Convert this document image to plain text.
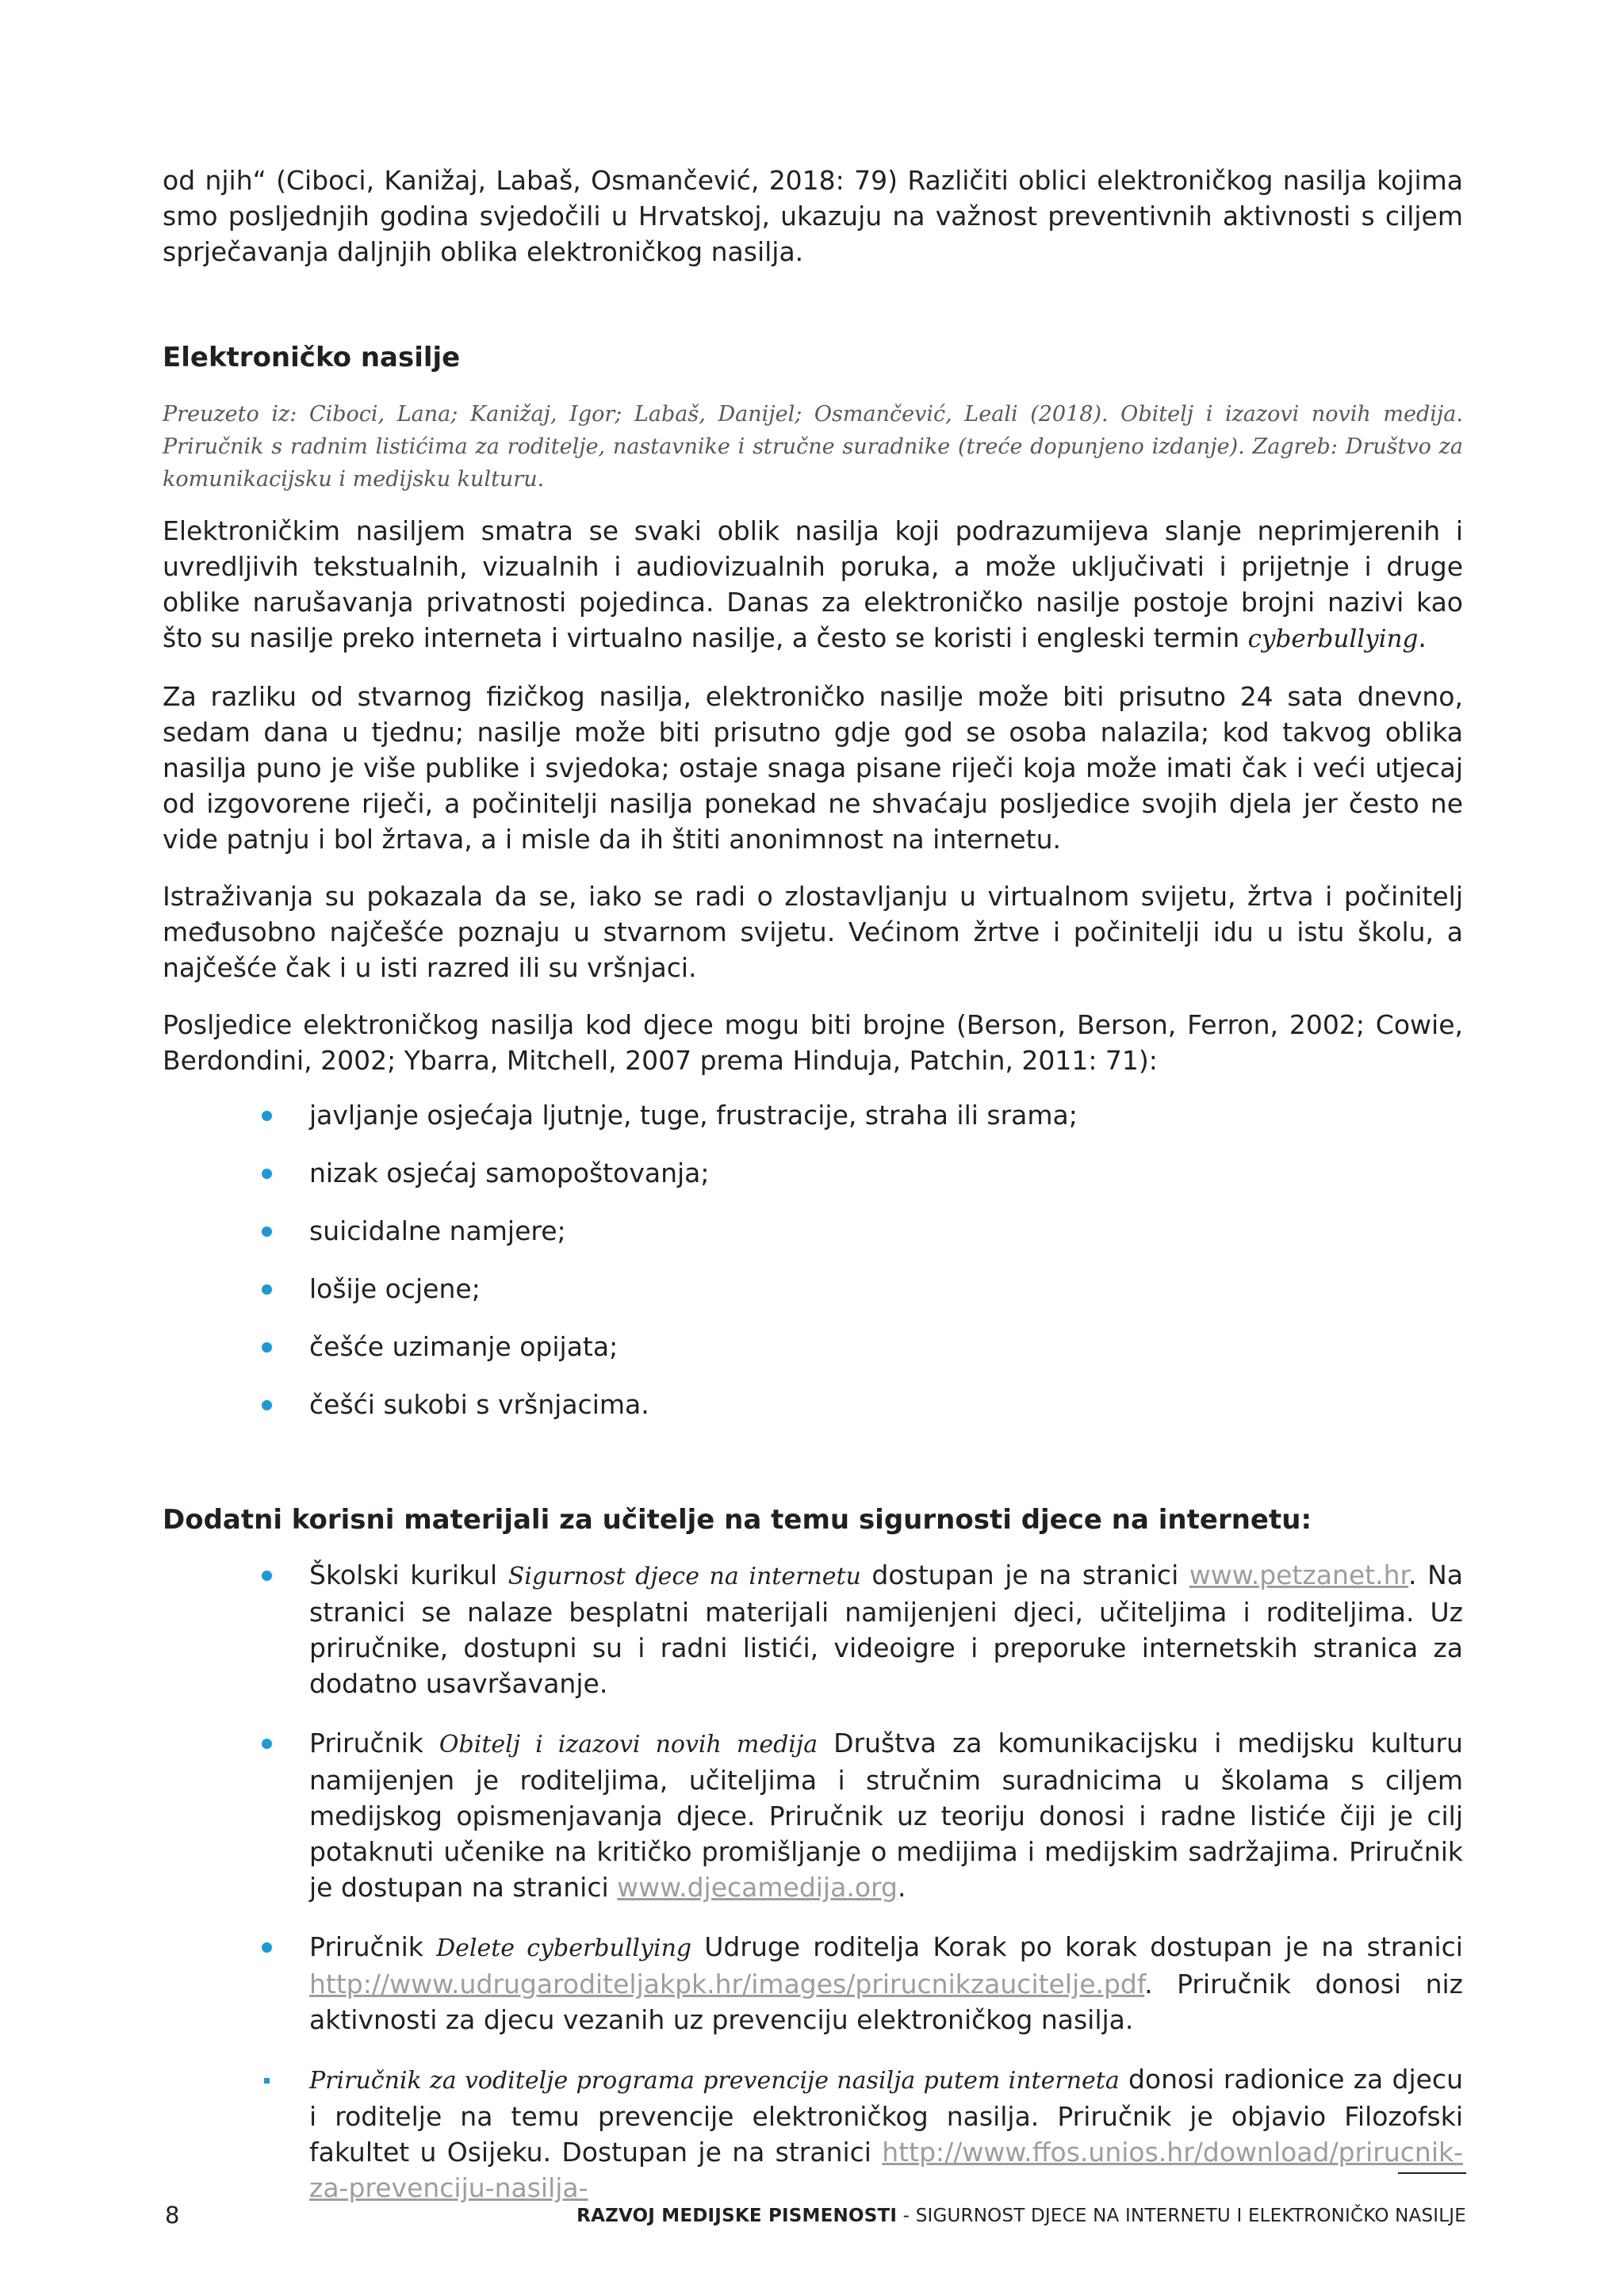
od njih“ (Ciboci, Kanižaj, Labaš, Osmančević, 2018: 79) Različiti oblici elektroničkog nasilja kojima smo posljednjih godina svjedočili u Hrvatskoj, ukazuju na važnost preventivnih aktivnosti s ciljem sprječavanja daljnjih oblika elektroničkog nasilja.

Elektroničko nasilje

Preuzeto iz: Ciboci, Lana; Kanižaj, Igor; Labaš, Danijel; Osmančević, Leali (2018). Obitelj i izazovi novih medija. Priručnik s radnim listićima za roditelje, nastavnike i stručne suradnike (treće dopunjeno izdanje). Zagreb: Društvo za komunikacijsku i medijsku kulturu.

Elektroničkim nasiljem smatra se svaki oblik nasilja koji podrazumijeva slanje neprimjerenih i uvredljivih tekstualnih, vizualnih i audiovizualnih poruka, a može uključivati i prijetnje i druge oblike narušavanja privatnosti pojedinca. Danas za elektroničko nasilje postoje brojni nazivi kao što su nasilje preko interneta i virtualno nasilje, a često se koristi i engleski termin cyberbullying.

Za razliku od stvarnog fizičkog nasilja, elektroničko nasilje može biti prisutno 24 sata dnevno, sedam dana u tjednu; nasilje može biti prisutno gdje god se osoba nalazila; kod takvog oblika nasilja puno je više publike i svjedoka; ostaje snaga pisane riječi koja može imati čak i veći utjecaj od izgovorene riječi, a počinitelji nasilja ponekad ne shvaćaju posljedice svojih djela jer često ne vide patnju i bol žrtava, a i misle da ih štiti anonimnost na internetu.

Istraživanja su pokazala da se, iako se radi o zlostavljanju u virtualnom svijetu, žrtva i počinitelj međusobno najčešće poznaju u stvarnom svijetu. Većinom žrtve i počinitelji idu u istu školu, a najčešće čak i u isti razred ili su vršnjaci.

Posljedice elektroničkog nasilja kod djece mogu biti brojne (Berson, Berson, Ferron, 2002; Cowie, Berdondini, 2002; Ybarra, Mitchell, 2007 prema Hinduja, Patchin, 2011: 71):

javljanje osjećaja ljutnje, tuge, frustracije, straha ili srama;
nizak osjećaj samopoštovanja;
suicidalne namjere;
lošije ocjene;
češće uzimanje opijata;
češći sukobi s vršnjacima.
Dodatni korisni materijali za učitelje na temu sigurnosti djece na internetu:
Školski kurikul Sigurnost djece na internetu dostupan je na stranici www.petzanet.hr. Na stranici se nalaze besplatni materijali namijenjeni djeci, učiteljima i roditeljima. Uz priručnike, dostupni su i radni listići, videoigre i preporuke internetskih stranica za dodatno usavršavanje.
Priručnik Obitelj i izazovi novih medija Društva za komunikacijsku i medijsku kulturu namijenjen je roditeljima, učiteljima i stručnim suradnicima u školama s ciljem medijskog opismenjavanja djece. Priručnik uz teoriju donosi i radne listiće čiji je cilj potaknuti učenike na kritičko promišljanje o medijima i medijskim sadržajima. Priručnik je dostupan na stranici www.djecamedija.org.
Priručnik Delete cyberbullying Udruge roditelja Korak po korak dostupan je na stranici http://www.udrugaroditeljakpk.hr/images/prirucnikzaucitelje.pdf. Priručnik donosi niz aktivnosti za djecu vezanih uz prevenciju elektroničkog nasilja.
Priručnik za voditelje programa prevencije nasilja putem interneta donosi radionice za djecu i roditelje na temu prevencije elektroničkog nasilja. Priručnik je objavio Filozofski fakultet u Osijeku. Dostupan je na stranici http://www.ffos.unios.hr/download/prirucnik-za-prevenciju-nasilja-
8	RAZVOJ MEDIJSKE PISMENOSTI - SIGURNOST DJECE NA INTERNETU I ELEKTRONIČKO NASILJE
